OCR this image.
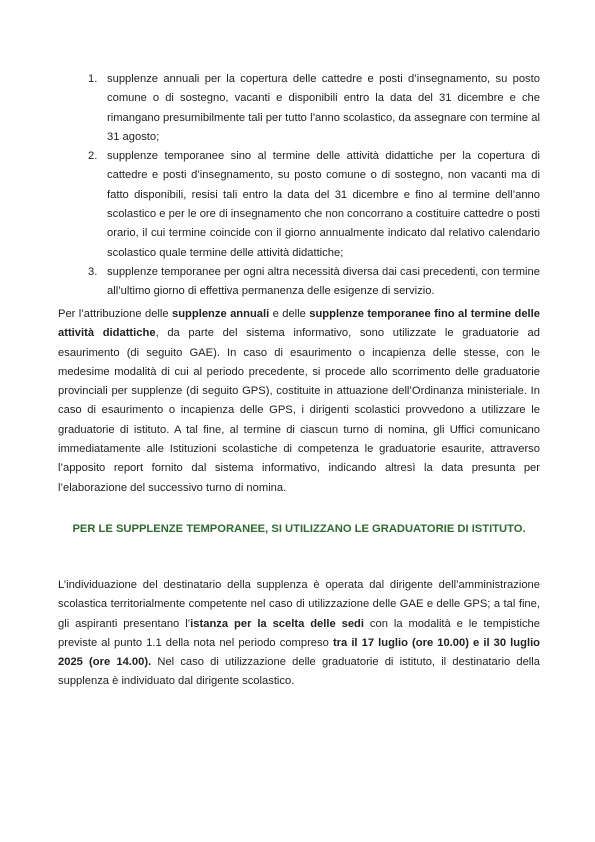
1. supplenze annuali per la copertura delle cattedre e posti d’insegnamento, su posto comune o di sostegno, vacanti e disponibili entro la data del 31 dicembre e che rimangano presumibilmente tali per tutto l’anno scolastico, da assegnare con termine al 31 agosto;
2. supplenze temporanee sino al termine delle attività didattiche per la copertura di cattedre e posti d’insegnamento, su posto comune o di sostegno, non vacanti ma di fatto disponibili, resisi tali entro la data del 31 dicembre e fino al termine dell’anno scolastico e per le ore di insegnamento che non concorrano a costituire cattedre o posti orario, il cui termine coincide con il giorno annualmente indicato dal relativo calendario scolastico quale termine delle attività didattiche;
3. supplenze temporanee per ogni altra necessità diversa dai casi precedenti, con termine all’ultimo giorno di effettiva permanenza delle esigenze di servizio.

Per l’attribuzione delle supplenze annuali e delle supplenze temporanee fino al termine delle attività didattiche, da parte del sistema informativo, sono utilizzate le graduatorie ad esaurimento (di seguito GAE). In caso di esaurimento o incapienza delle stesse, con le medesime modalità di cui al periodo precedente, si procede allo scorrimento delle graduatorie provinciali per supplenze (di seguito GPS), costituite in attuazione dell’Ordinanza ministeriale. In caso di esaurimento o incapienza delle GPS, i dirigenti scolastici provvedono a utilizzare le graduatorie di istituto. A tal fine, al termine di ciascun turno di nomina, gli Uffici comunicano immediatamente alle Istituzioni scolastiche di competenza le graduatorie esaurite, attraverso l’apposito report fornito dal sistema informativo, indicando altresì la data presunta per l’elaborazione del successivo turno di nomina.

PER LE SUPPLENZE TEMPORANEE, SI UTILIZZANO LE GRADUATORIE DI ISTITUTO.

L’individuazione del destinatario della supplenza è operata dal dirigente dell’amministrazione scolastica territorialmente competente nel caso di utilizzazione delle GAE e delle GPS; a tal fine, gli aspiranti presentano l’istanza per la scelta delle sedi con la modalità e le tempistiche previste al punto 1.1 della nota nel periodo compreso tra il 17 luglio (ore 10.00) e il 30 luglio 2025 (ore 14.00). Nel caso di utilizzazione delle graduatorie di istituto, il destinatario della supplenza è individuato dal dirigente scolastico.
